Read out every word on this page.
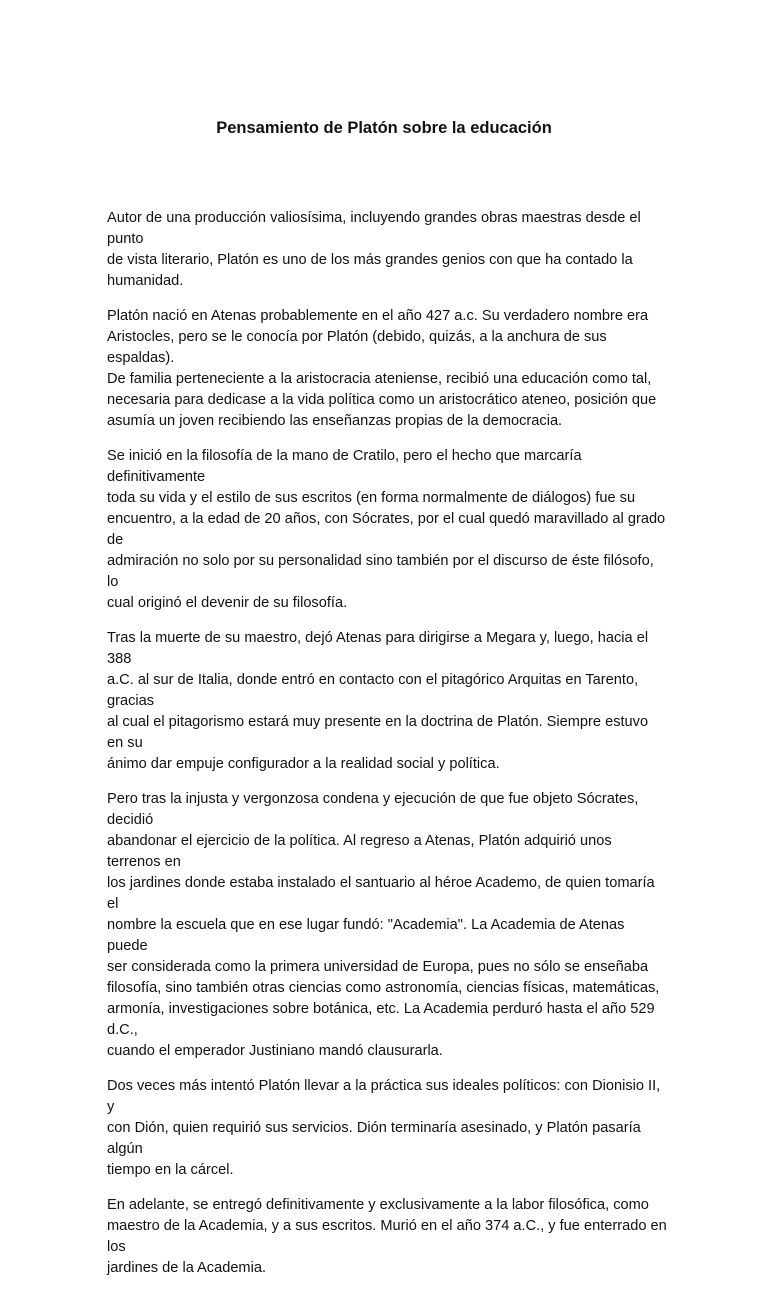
Pensamiento de Platón sobre la educación

Autor de una producción valiosísima, incluyendo grandes obras maestras desde el punto
de vista literario, Platón es uno de los más grandes genios con que ha contado la
humanidad.

Platón nació en Atenas probablemente en el año 427 a.c. Su verdadero nombre era
Aristocles, pero se le conocía por Platón (debido, quizás, a la anchura de sus espaldas).
De familia perteneciente a la aristocracia ateniense, recibió una educación como tal,
necesaria para dedicase a la vida política como un aristocrático ateneo, posición que
asumía un joven recibiendo las enseñanzas propias de la democracia.

Se inició en la filosofía de la mano de Cratilo, pero el hecho que marcaría definitivamente
toda su vida y el estilo de sus escritos (en forma normalmente de diálogos) fue su
encuentro, a la edad de 20 años, con Sócrates, por el cual quedó maravillado al grado de
admiración no solo por su personalidad sino también por el discurso de éste filósofo, lo
cual originó el devenir de su filosofía.

Tras la muerte de su maestro, dejó Atenas para dirigirse a Megara y, luego, hacia el 388
a.C. al sur de Italia, donde entró en contacto con el pitagórico Arquitas en Tarento, gracias
al cual el pitagorismo estará muy presente en la doctrina de Platón. Siempre estuvo en su
ánimo dar empuje configurador a la realidad social y política.

Pero tras la injusta y vergonzosa condena y ejecución de que fue objeto Sócrates, decidió
abandonar el ejercicio de la política. Al regreso a Atenas, Platón adquirió unos terrenos en
los jardines donde estaba instalado el santuario al héroe Academo, de quien tomaría el
nombre la escuela que en ese lugar fundó: "Academia". La Academia de Atenas puede
ser considerada como la primera universidad de Europa, pues no sólo se enseñaba
filosofía, sino también otras ciencias como astronomía, ciencias físicas, matemáticas,
armonía, investigaciones sobre botánica, etc. La Academia perduró hasta el año 529 d.C.,
cuando el emperador Justiniano mandó clausurarla.

Dos veces más intentó Platón llevar a la práctica sus ideales políticos: con Dionisio II, y
con Dión, quien requirió sus servicios. Dión terminaría asesinado, y Platón pasaría algún
tiempo en la cárcel.

En adelante, se entregó definitivamente y exclusivamente a la labor filosófica, como
maestro de la Academia, y a sus escritos. Murió en el año 374 a.C., y fue enterrado en los
jardines de la Academia.
